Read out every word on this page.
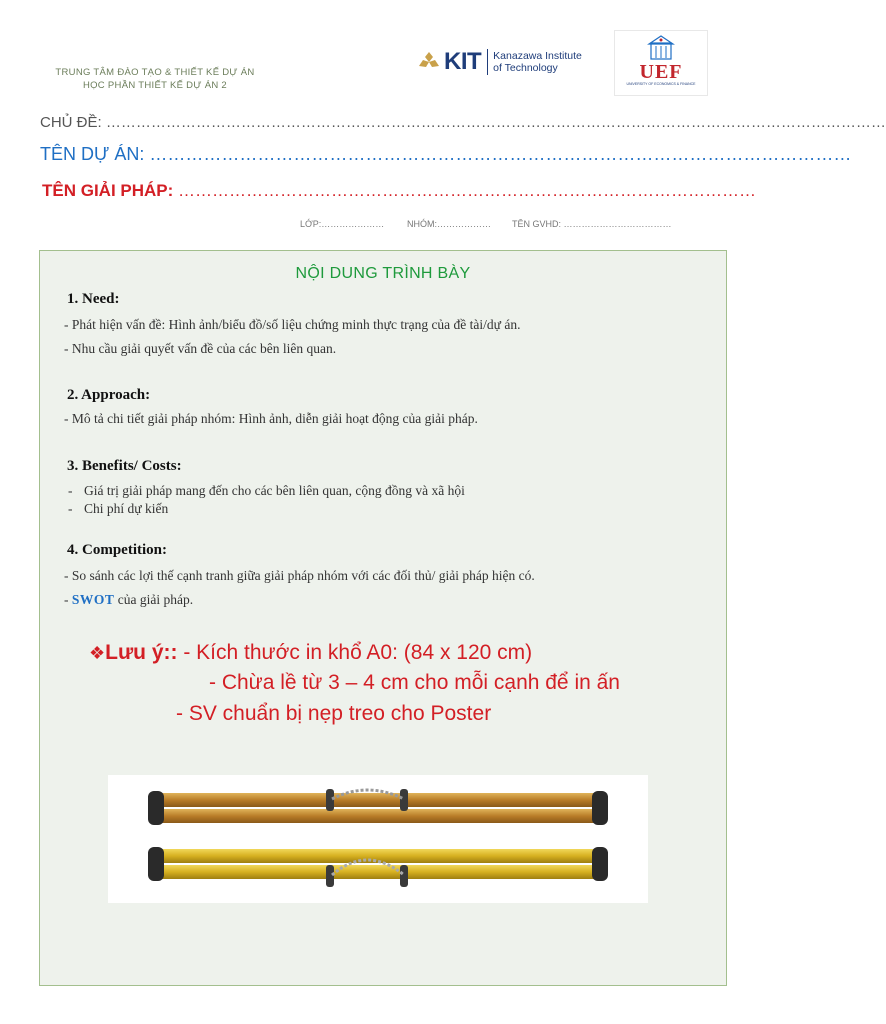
TRUNG TÂM ĐÀO TẠO & THIẾT KẾ DỰ ÁN
HỌC PHẦN THIẾT KẾ DỰ ÁN 2
KIT Kanazawa Institute
of Technology	UEF
UNIVERSITY OF ECONOMICS & FINANCE
CHỦ ĐỀ: …………………………………………………………………………………………………………………………………………
TÊN DỰ ÁN: ………………………………………………………………………………………………………
TÊN GIẢI PHÁP: …………………………………………………………………………………………
LỚP:…………………	NHÓM:……………… TÊN GVHD: ………………………………
NỘI DUNG TRÌNH BÀY
1. Need:
- Phát hiện vấn đề: Hình ảnh/biểu đồ/số liệu chứng minh thực trạng của đề tài/dự án.
- Nhu cầu giải quyết vấn đề của các bên liên quan.
2. Approach:
- Mô tả chi tiết giải pháp nhóm: Hình ảnh, diễn giải hoạt động của giải pháp.
3. Benefits/ Costs:
- Giá trị giải pháp mang đến cho các bên liên quan, cộng đồng và xã hội
- Chi phí dự kiến
4. Competition:
- So sánh các lợi thế cạnh tranh giữa giải pháp nhóm với các đối thủ/ giải pháp hiện có.
- SWOT của giải pháp.
❖Lưu ý:: - Kích thước in khổ A0: (84 x 120 cm)
- Chừa lề từ 3 – 4 cm cho mỗi cạnh để in ấn
- SV chuẩn bị nẹp treo cho Poster
